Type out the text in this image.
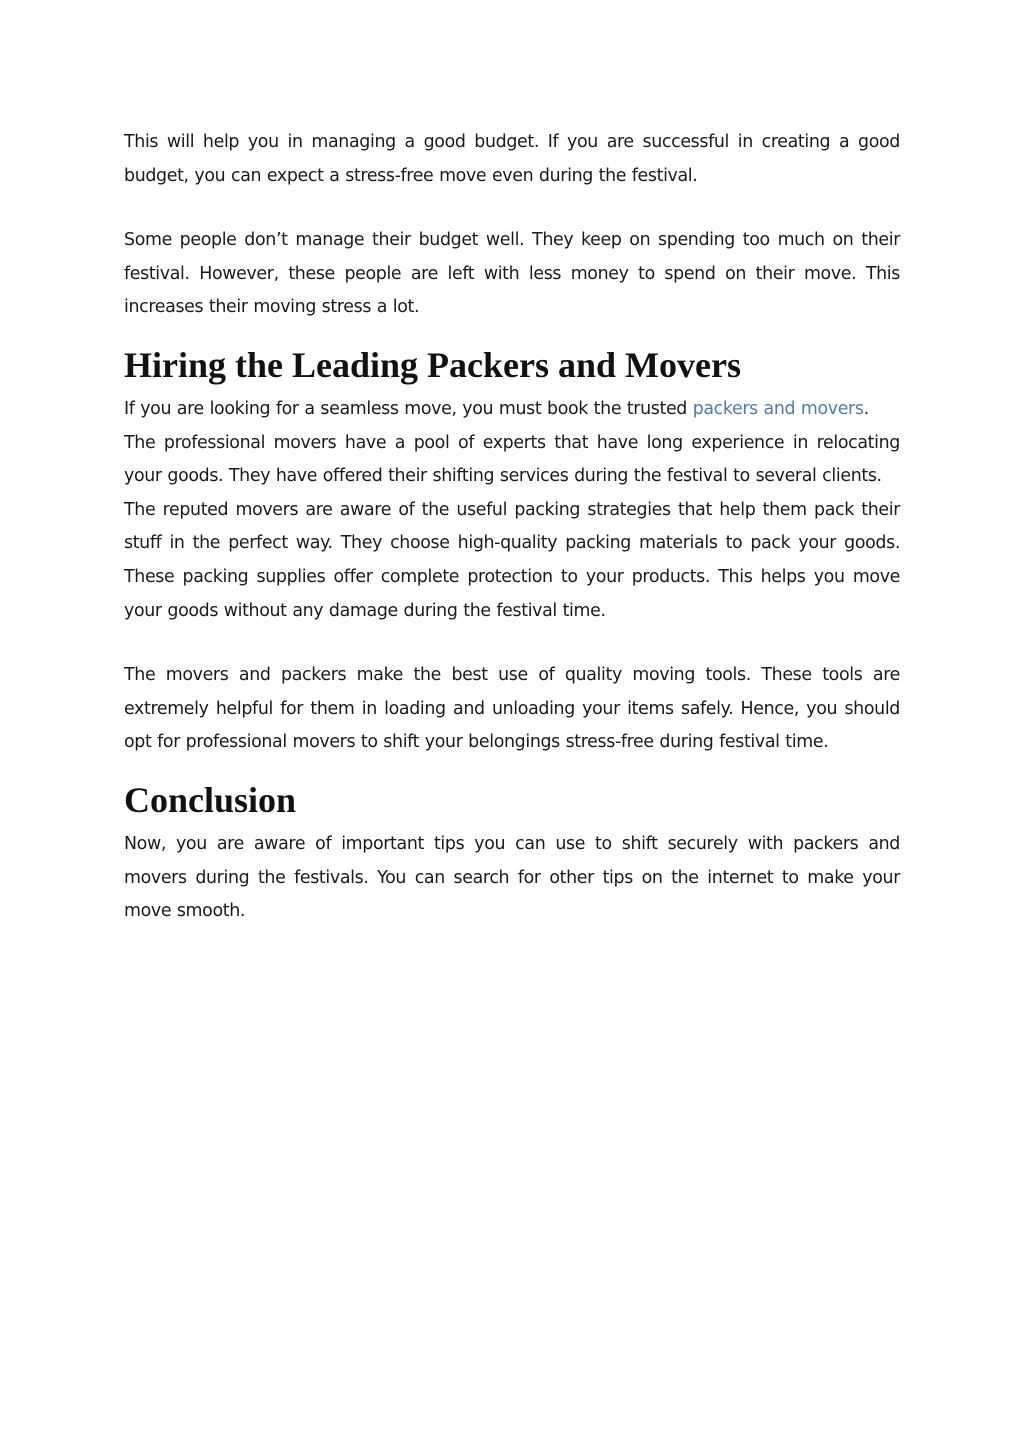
This will help you in managing a good budget. If you are successful in creating a good budget, you can expect a stress-free move even during the festival.

Some people don’t manage their budget well. They keep on spending too much on their festival. However, these people are left with less money to spend on their move. This increases their moving stress a lot.

Hiring the Leading Packers and Movers

If you are looking for a seamless move, you must book the trusted packers and movers.
The professional movers have a pool of experts that have long experience in relocating your goods. They have offered their shifting services during the festival to several clients.
The reputed movers are aware of the useful packing strategies that help them pack their stuff in the perfect way. They choose high-quality packing materials to pack your goods. These packing supplies offer complete protection to your products. This helps you move your goods without any damage during the festival time.

The movers and packers make the best use of quality moving tools. These tools are extremely helpful for them in loading and unloading your items safely. Hence, you should opt for professional movers to shift your belongings stress-free during festival time.

Conclusion

Now, you are aware of important tips you can use to shift securely with packers and movers during the festivals. You can search for other tips on the internet to make your move smooth.
